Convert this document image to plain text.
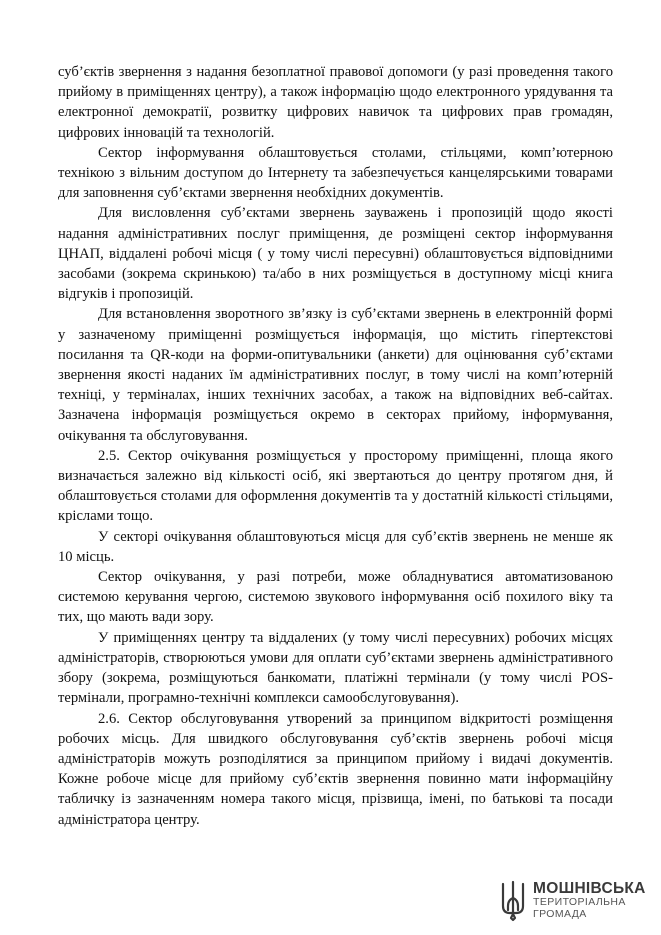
суб’єктів звернення з надання безоплатної правової допомоги (у разі проведення такого прийому в приміщеннях центру), а також інформацію щодо електронного урядування та електронної демократії, розвитку цифрових навичок та цифрових прав громадян, цифрових інновацій та технологій.

Сектор інформування облаштовується столами, стільцями, комп’ютерною технікою з вільним доступом до Інтернету та забезпечується канцелярськими товарами для заповнення суб’єктами звернення необхідних документів.

Для висловлення суб’єктами звернень зауважень і пропозицій щодо якості надання адміністративних послуг приміщення, де розміщені сектор інформування ЦНАП, віддалені робочі місця ( у тому числі пересувні) облаштовується відповідними засобами (зокрема скринькою) та/або в них розміщується в доступному місці книга відгуків і пропозицій.

Для встановлення зворотного зв’язку із суб’єктами звернень в електронній формі у зазначеному приміщенні розміщується інформація, що містить гіпертекстові посилання та QR-коди на форми-опитувальники (анкети) для оцінювання суб’єктами звернення якості наданих їм адміністративних послуг, в тому числі на комп’ютерній техніці, у терміналах, інших технічних засобах, а також на відповідних веб-сайтах. Зазначена інформація розміщується окремо в секторах прийому, інформування, очікування та обслуговування.

2.5. Сектор очікування розміщується у просторому приміщенні, площа якого визначається залежно від кількості осіб, які звертаються до центру протягом дня, й облаштовується столами для оформлення документів та у достатній кількості стільцями, кріслами тощо.

У секторі очікування облаштовуються місця для суб’єктів звернень не менше як 10 місць.

Сектор очікування, у разі потреби, може обладнуватися автоматизованою системою керування чергою, системою звукового інформування осіб похилого віку та тих, що мають вади зору.

У приміщеннях центру та віддалених (у тому числі пересувних) робочих місцях адміністраторів, створюються умови для оплати суб’єктами звернень адміністративного збору (зокрема, розміщуються банкомати, платіжні термінали (у тому числі POS-термінали, програмно-технічні комплекси самообслуговування).

2.6. Сектор обслуговування утворений за принципом відкритості розміщення робочих місць. Для швидкого обслуговування суб’єктів звернень робочі місця адміністраторів можуть розподілятися за принципом прийому і видачі документів. Кожне робоче місце для прийому суб’єктів звернення повинно мати інформаційну табличку із зазначенням номера такого місця, прізвища, імені, по батькові та посади адміністратора центру.

МОШНІВСЬКА
ТЕРИТОРІАЛЬНА
ГРОМАДА
